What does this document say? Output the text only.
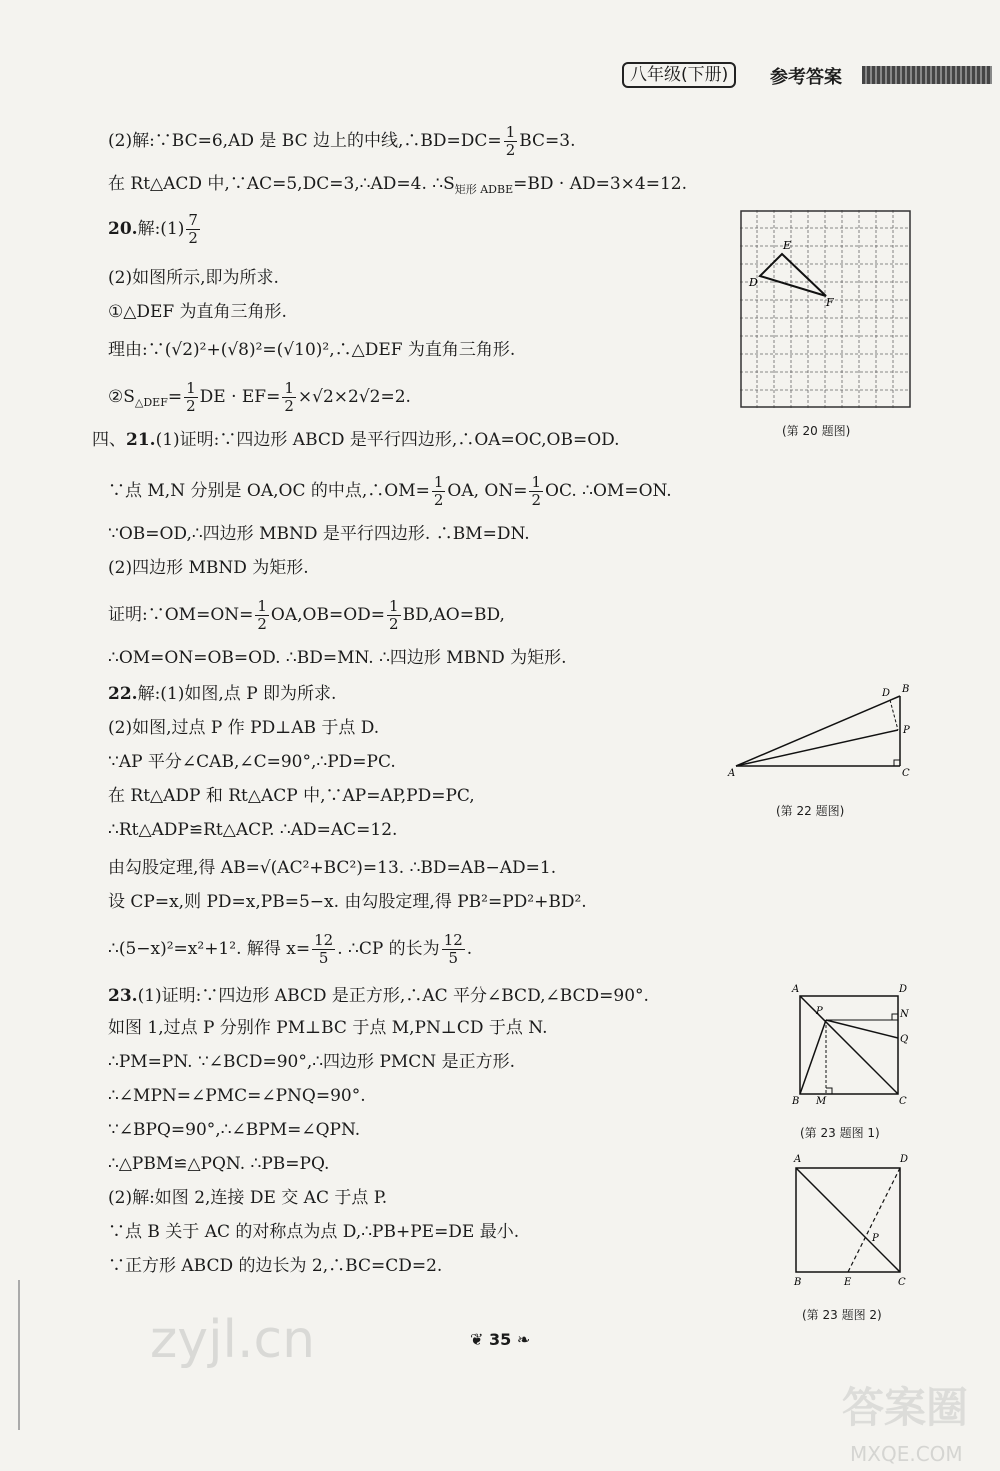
八年级(下册)	参考答案
(2)解:∵BC=6,AD 是 BC 边上的中线,∴BD=DC= $\frac{1}{2} BC=3$.
在 Rt△ACD 中,∵AC=5,DC=3,∴AD=4. $\therefore S_{矩形 ADBE}=BD \cdot AD=3\times 4=12$.
20.解:(1) $\frac{7}{2}$
(2)如图所示,即为所求.
①△DEF 为直角三角形.
理由:∵(√2)²+(√8)²=(√10)²,∴△DEF 为直角三角形.
$②S_{\triangle DEF}= \frac{1}{2}$ DE · $EF= \frac{1}{2} \times√2\times 2√2=2$.
D
E
F
(第 20 题图)
四、21.(1)证明:∵四边形 ABCD 是平行四边形,∴OA=OC,OB=OD.
∵点 M,N 分别是 OA,OC 的中点,∴OM= $\frac{1}{2}$ OA, $ON= \frac{1}{2}$ OC. ∴OM=ON.
∵OB=OD,∴四边形 MBND 是平行四边形. ∴BM=DN.
(2)四边形 MBND 为矩形.
证明:∵OM=ON= $\frac{1}{2} OA,OB=OD= \frac{1}{2} BD,AO=BD$,
∴OM=ON=OB=OD. ∴BD=MN. ∴四边形 MBND 为矩形.
22.解:(1)如图,点 P 即为所求.
(2)如图,过点 P 作 PD⊥AB 于点 D.
∵AP 平分∠CAB,∠C=90°,∴PD=PC.
在 Rt△ADP 和 Rt△ACP 中,∵AP=AP,PD=PC,
∴Rt△ADP≌Rt△ACP. ∴AD=AC=12.
由勾股定理,得 AB=√(AC²+BC²)=13. ∴BD=AB−AD=1.
设 CP=x,则 PD=x,PB=5−x. 由勾股定理,得 PB²=PD²+BD².
∴(5−x)²=x²+1². 解得 $x= \frac{12}{5}$ . ∴CP 的长为 $\frac{12}{5}$ .
A
B
C
D
P
(第 22 题图)
23.(1)证明:∵四边形 ABCD 是正方形,∴AC 平分∠BCD,∠BCD=90°.
如图 1,过点 P 分别作 PM⊥BC 于点 M,PN⊥CD 于点 N.
∴PM=PN. ∵∠BCD=90°,∴四边形 PMCN 是正方形.
∴∠MPN=∠PMC=∠PNQ=90°.
∵∠BPQ=90°,∴∠BPM=∠QPN.
∴△PBM≌△PQN. ∴PB=PQ.
(2)解:如图 2,连接 DE 交 AC 于点 P.
∵点 B 关于 AC 的对称点为点 D,∴PB+PE=DE 最小.
∵正方形 ABCD 的边长为 2,∴BC=CD=2.
A	D
B	C
P	N
Q
M
(第 23 题图 1)
A	D
B	E	C
P
(第 23 题图 2)
zyjl.cn	❦ 35 ❧
答案圈
MXQE.COM
